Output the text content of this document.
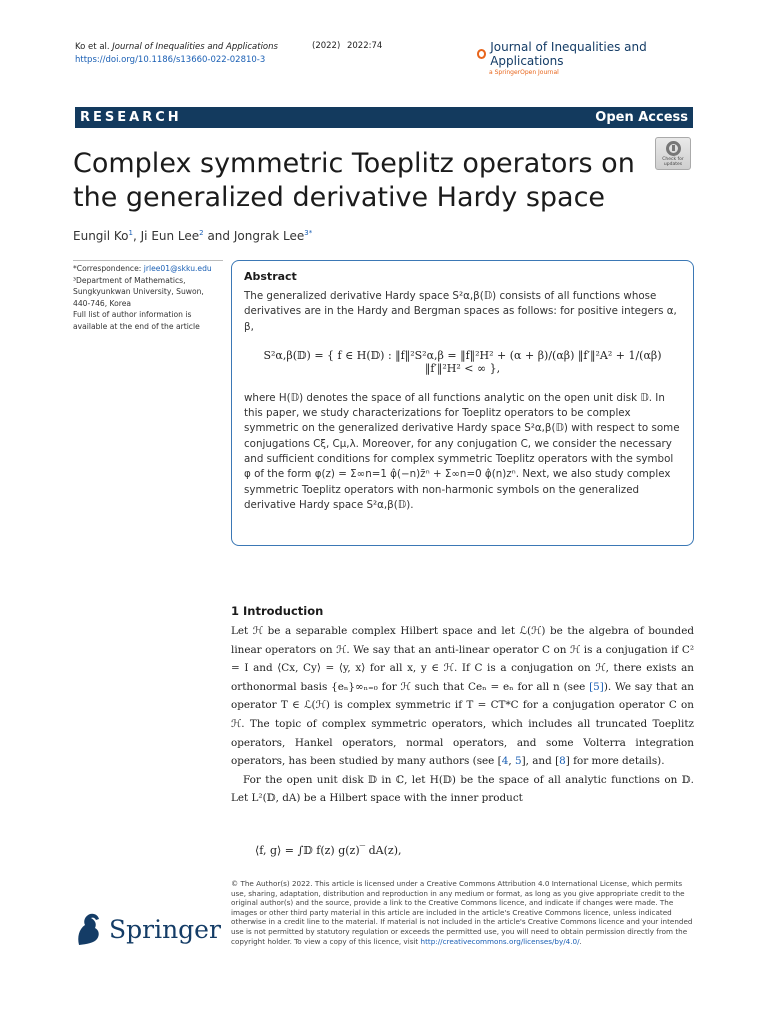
Ko et al. Journal of Inequalities and Applications
https://doi.org/10.1186/s13660-022-02810-3
(2022) 2022:74	Journal of Inequalities and Applications
a SpringerOpen Journal
RESEARCH	Open Access
Complex symmetric Toeplitz operators on the generalized derivative Hardy space
Check for updates
Eungil Ko$^1$, Ji Eun Lee$^2$ and Jongrak Lee$^{3*}$
*Correspondence: jrlee01@skku.edu
³Department of Mathematics, Sungkyunkwan University, Suwon, 440-746, Korea
Full list of author information is available at the end of the article
Abstract

The generalized derivative Hardy space S²α,β(𝔻) consists of all functions whose derivatives are in the Hardy and Bergman spaces as follows: for positive integers α, β,

S²α,β(𝔻) = { f ∈ H(𝔻) : ‖f‖²S²α,β = ‖f‖²H² + (α + β)/(αβ) ‖f′‖²A² + 1/(αβ) ‖f′‖²H² < ∞ },

where H(𝔻) denotes the space of all functions analytic on the open unit disk 𝔻. In this paper, we study characterizations for Toeplitz operators to be complex symmetric on the generalized derivative Hardy space S²α,β(𝔻) with respect to some conjugations Cξ, Cμ,λ. Moreover, for any conjugation C, we consider the necessary and sufficient conditions for complex symmetric Toeplitz operators with the symbol φ of the form φ(z) = Σ∞n=1 φ̂(−n)z̄ⁿ + Σ∞n=0 φ̂(n)zⁿ. Next, we also study complex symmetric Toeplitz operators with non-harmonic symbols on the generalized derivative Hardy space S²α,β(𝔻).

1 Introduction

Let ℋ be a separable complex Hilbert space and let ℒ(ℋ) be the algebra of bounded linear operators on ℋ. We say that an anti-linear operator C on ℋ is a conjugation if C² = I and ⟨Cx, Cy⟩ = ⟨y, x⟩ for all x, y ∈ ℋ. If C is a conjugation on ℋ, there exists an orthonormal basis {eₙ}∞ₙ₌₀ for ℋ such that Ceₙ = eₙ for all n (see [5]). We say that an operator T ∈ ℒ(ℋ) is complex symmetric if T = CT*C for a conjugation operator C on ℋ. The topic of complex symmetric operators, which includes all truncated Toeplitz operators, Hankel operators, normal operators, and some Volterra integration operators, has been studied by many authors (see [4, 5], and [8] for more details).

For the open unit disk 𝔻 in ℂ, let H(𝔻) be the space of all analytic functions on 𝔻. Let L²(𝔻, dA) be a Hilbert space with the inner product

⟨f, g⟩ = ∫𝔻 f(z) g(z)‾ dA(z),
© The Author(s) 2022. This article is licensed under a Creative Commons Attribution 4.0 International License, which permits use, sharing, adaptation, distribution and reproduction in any medium or format, as long as you give appropriate credit to the original author(s) and the source, provide a link to the Creative Commons licence, and indicate if changes were made. The images or other third party material in this article are included in the article's Creative Commons licence, unless indicated otherwise in a credit line to the material. If material is not included in the article's Creative Commons licence and your intended use is not permitted by statutory regulation or exceeds the permitted use, you will need to obtain permission directly from the copyright holder. To view a copy of this licence, visit http://creativecommons.org/licenses/by/4.0/.
Springer
